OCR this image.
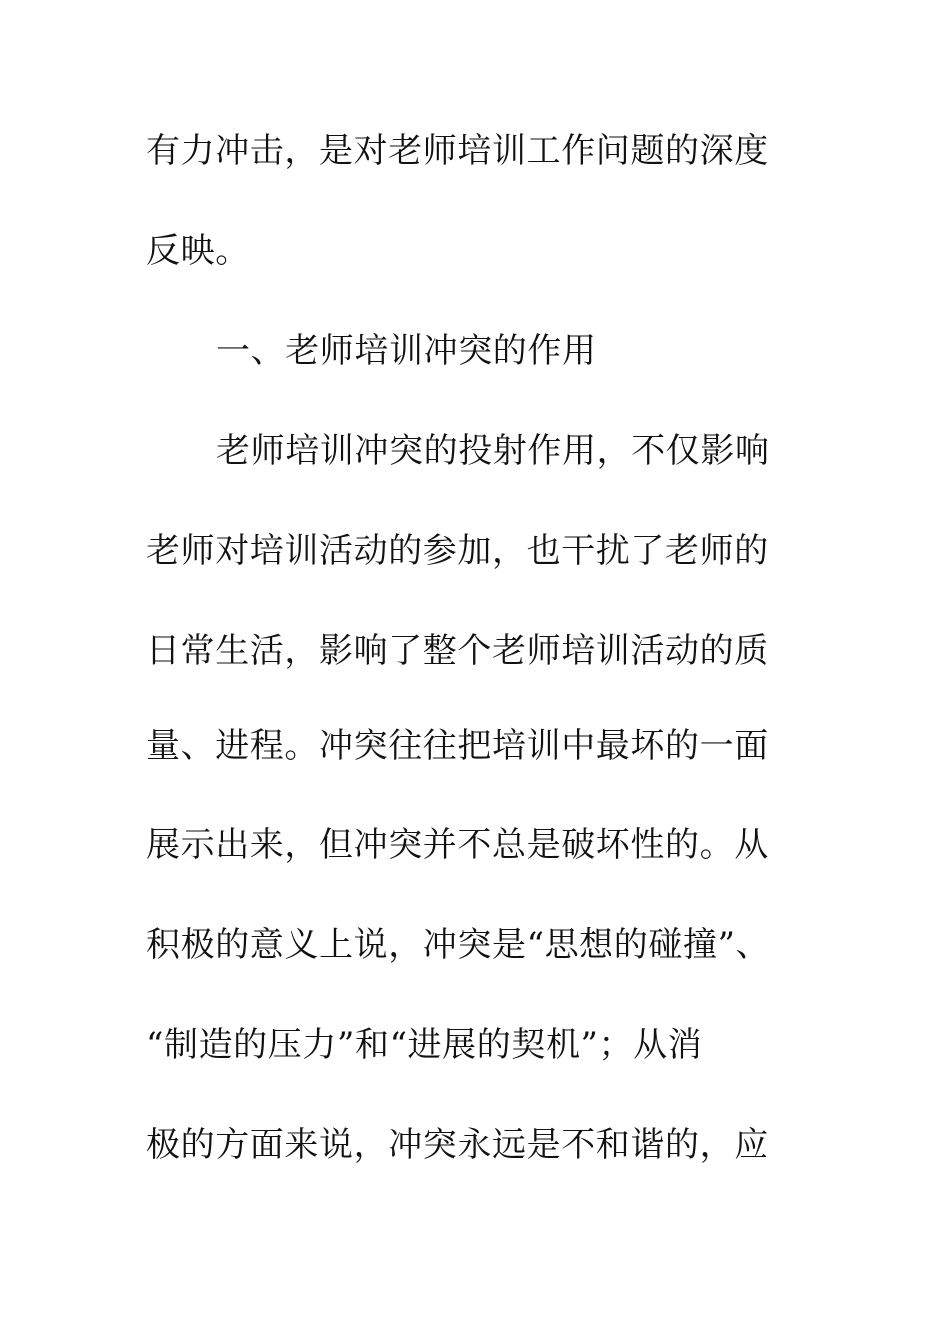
有力冲击，是对老师培训工作问题的深度
反映。
一、老师培训冲突的作用
老师培训冲突的投射作用，不仅影响
老师对培训活动的参加，也干扰了老师的
日常生活，影响了整个老师培训活动的质
量、进程。冲突往往把培训中最坏的一面
展示出来，但冲突并不总是破坏性的。从
积极的意义上说，冲突是“思想的碰撞”、
“制造的压力”和“进展的契机”；从消
极的方面来说，冲突永远是不和谐的，应
